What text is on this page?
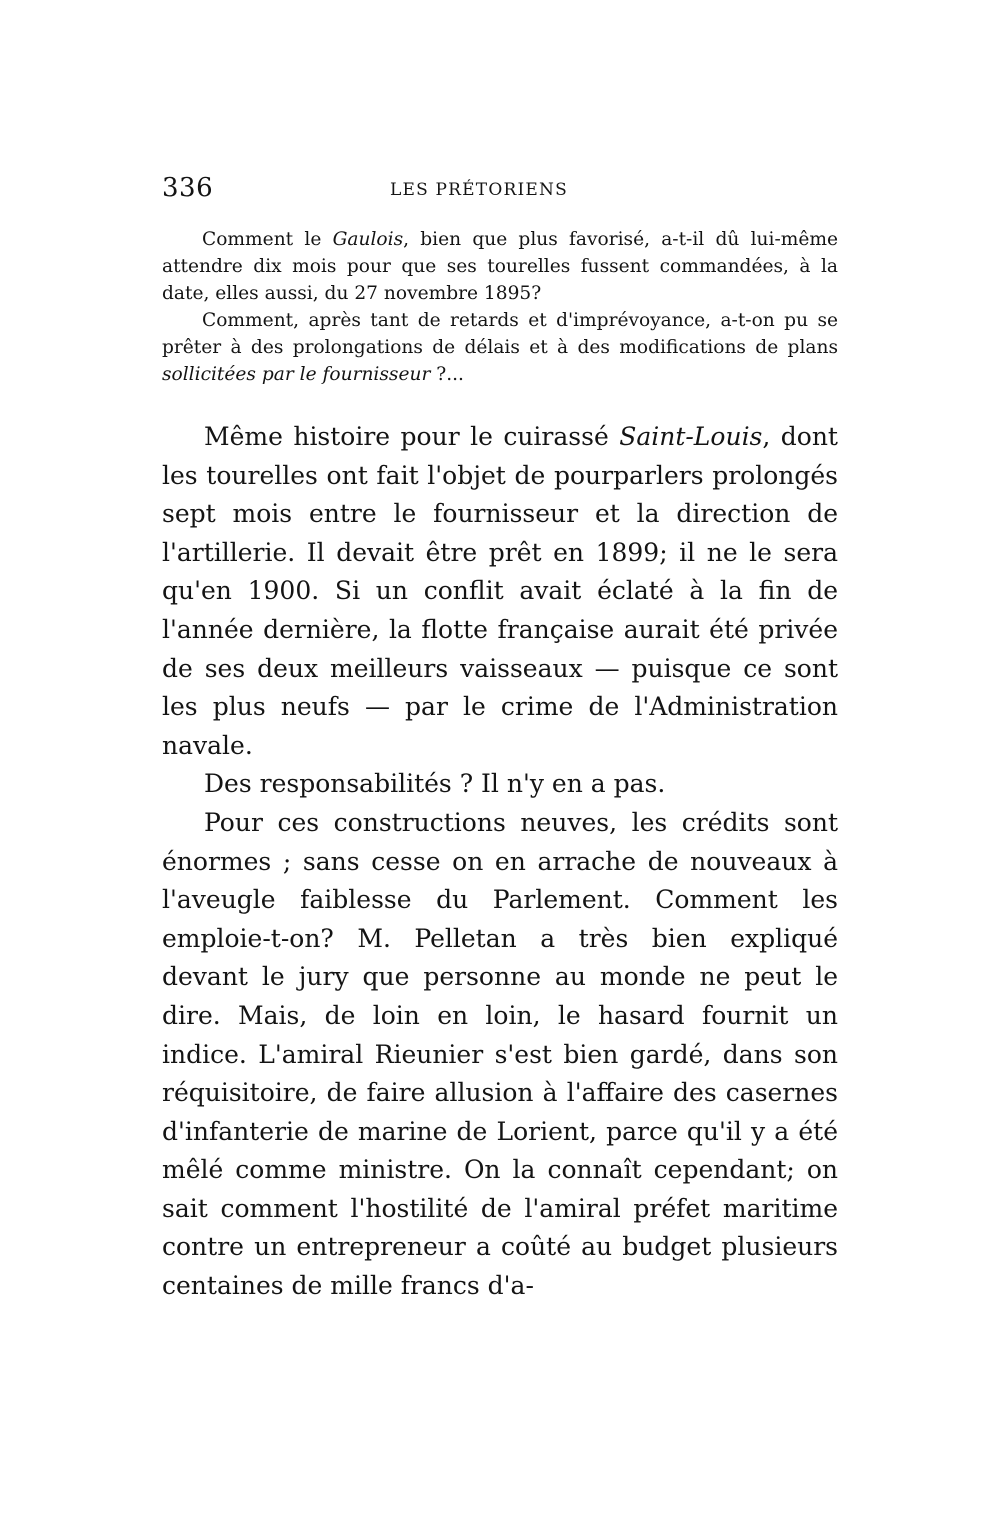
336	LES PRÉTORIENS

Comment le Gaulois, bien que plus favorisé, a-t-il dû lui-même attendre dix mois pour que ses tourelles fussent commandées, à la date, elles aussi, du 27 novembre 1895?

Comment, après tant de retards et d'imprévoyance, a-t-on pu se prêter à des prolongations de délais et à des modifications de plans sollicitées par le fournisseur ?...

Même histoire pour le cuirassé Saint-Louis, dont les tourelles ont fait l'objet de pourparlers prolongés sept mois entre le fournisseur et la direction de l'artillerie. Il devait être prêt en 1899; il ne le sera qu'en 1900. Si un conflit avait éclaté à la fin de l'année dernière, la flotte française aurait été privée de ses deux meilleurs vaisseaux — puisque ce sont les plus neufs — par le crime de l'Administration navale.

Des responsabilités ? Il n'y en a pas.

Pour ces constructions neuves, les crédits sont énormes ; sans cesse on en arrache de nouveaux à l'aveugle faiblesse du Parlement. Comment les emploie-t-on? M. Pelletan a très bien expliqué devant le jury que personne au monde ne peut le dire. Mais, de loin en loin, le hasard fournit un indice. L'amiral Rieunier s'est bien gardé, dans son réquisitoire, de faire allusion à l'affaire des casernes d'infanterie de marine de Lorient, parce qu'il y a été mêlé comme ministre. On la connaît cependant; on sait comment l'hostilité de l'amiral préfet maritime contre un entrepreneur a coûté au budget plusieurs centaines de mille francs d'a-
